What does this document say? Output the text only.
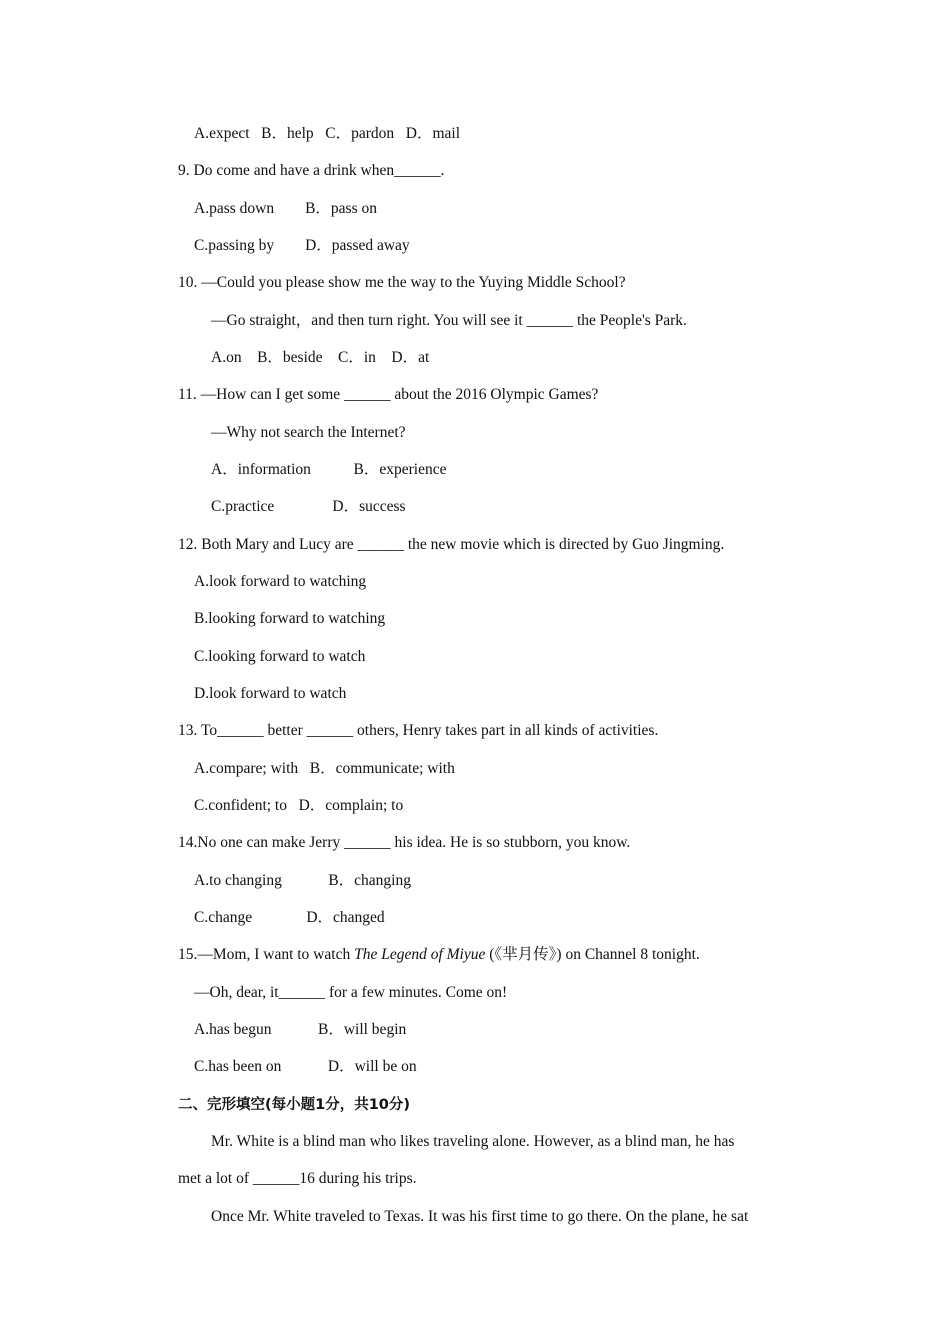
A.expect   B．help   C．pardon   D．mail
9. Do come and have a drink when______.
A.pass down        B．pass on
C.passing by        D．passed away
10. —Could you please show me the way to the Yuying Middle School?
—Go straight，and then turn right. You will see it ______ the People's Park.
A.on    B．beside    C．in    D．at
11. —How can I get some ______ about the 2016 Olympic Games?
—Why not search the Internet?
A．information           B．experience
C.practice               D．success
12. Both Mary and Lucy are ______ the new movie which is directed by Guo Jingming.
A.look forward to watching
B.looking forward to watching
C.looking forward to watch
D.look forward to watch
13. To______ better ______ others, Henry takes part in all kinds of activities.
A.compare; with   B．communicate; with
C.confident; to   D．complain; to
14.No one can make Jerry ______ his idea. He is so stubborn, you know.
A.to changing            B．changing
C.change              D．changed
15.—Mom, I want to watch The Legend of Miyue (《芈月传》) on Channel 8 tonight.
—Oh, dear, it______ for a few minutes. Come on!
A.has begun            B．will begin
C.has been on            D．will be on
二、完形填空(每小题1分，共10分)
Mr. White is a blind man who likes traveling alone. However, as a blind man, he has
met a lot of ______16 during his trips.
Once Mr. White traveled to Texas. It was his first time to go there. On the plane, he sat
